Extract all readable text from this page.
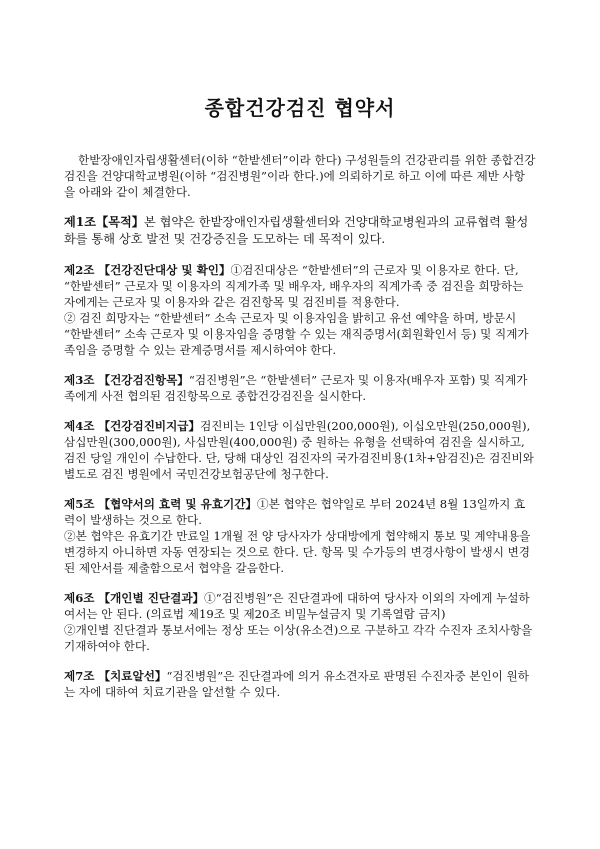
종합건강검진 협약서

한밭장애인자립생활센터(이하 “한밭센터”이라 한다) 구성원들의 건강관리를 위한 종합건강검진을 건양대학교병원(이하 “검진병원”이라 한다.)에 의뢰하기로 하고 이에 따른 제반 사항을 아래와 같이 체결한다.

제1조【목적】본 협약은 한밭장애인자립생활센터와 건양대학교병원과의 교류협력 활성화를 통해 상호 발전 및 건강증진을 도모하는 데 목적이 있다.

제2조 【건강진단대상 및 확인】①검진대상은 “한밭센터”의 근로자 및 이용자로 한다. 단, “한밭센터” 근로자 및 이용자의 직계가족 및 배우자, 배우자의 직계가족 중 검진을 희망하는 자에게는 근로자 및 이용자와 같은 검진항목 및 검진비를 적용한다.

② 검진 희망자는 “한밭센터” 소속 근로자 및 이용자임을 밝히고 유선 예약을 하며, 방문시 “한밭센터” 소속 근로자 및 이용자임을 증명할 수 있는 재직증명서(회원확인서 등) 및 직계가족임을 증명할 수 있는 관계증명서를 제시하여야 한다.

제3조 【건강검진항목】“검진병원”은 “한밭센터” 근로자 및 이용자(배우자 포함) 및 직계가족에게 사전 협의된 검진항목으로 종합건강검진을 실시한다.

제4조 【건강검진비지급】검진비는 1인당 이십만원(200,000원), 이십오만원(250,000원), 삼십만원(300,000원), 사십만원(400,000원) 중 원하는 유형을 선택하여 검진을 실시하고, 검진 당일 개인이 수납한다. 단, 당해 대상인 검진자의 국가검진비용(1차+암검진)은 검진비와 별도로 검진 병원에서 국민건강보험공단에 청구한다.

제5조 【협약서의 효력 및 유효기간】①본 협약은 협약일로 부터 2024년 8월 13일까지 효력이 발생하는 것으로 한다.

②본 협약은 유효기간 만료일 1개월 전 양 당사자가 상대방에게 협약해지 통보 및 계약내용을 변경하지 아니하면 자동 연장되는 것으로 한다. 단. 항목 및 수가등의 변경사항이 발생시 변경된 제안서를 제출함으로서 협약을 갈음한다.

제6조 【개인별 진단결과】①“검진병원”은 진단결과에 대하여 당사자 이외의 자에게 누설하여서는 안 된다. (의료법 제19조 및 제20조 비밀누설금지 및 기록열람 금지)

②개인별 진단결과 통보서에는 정상 또는 이상(유소견)으로 구분하고 각각 수진자 조치사항을 기재하여야 한다.

제7조 【치료알선】“검진병원”은 진단결과에 의거 유소견자로 판명된 수진자중 본인이 원하는 자에 대하여 치료기관을 알선할 수 있다.
